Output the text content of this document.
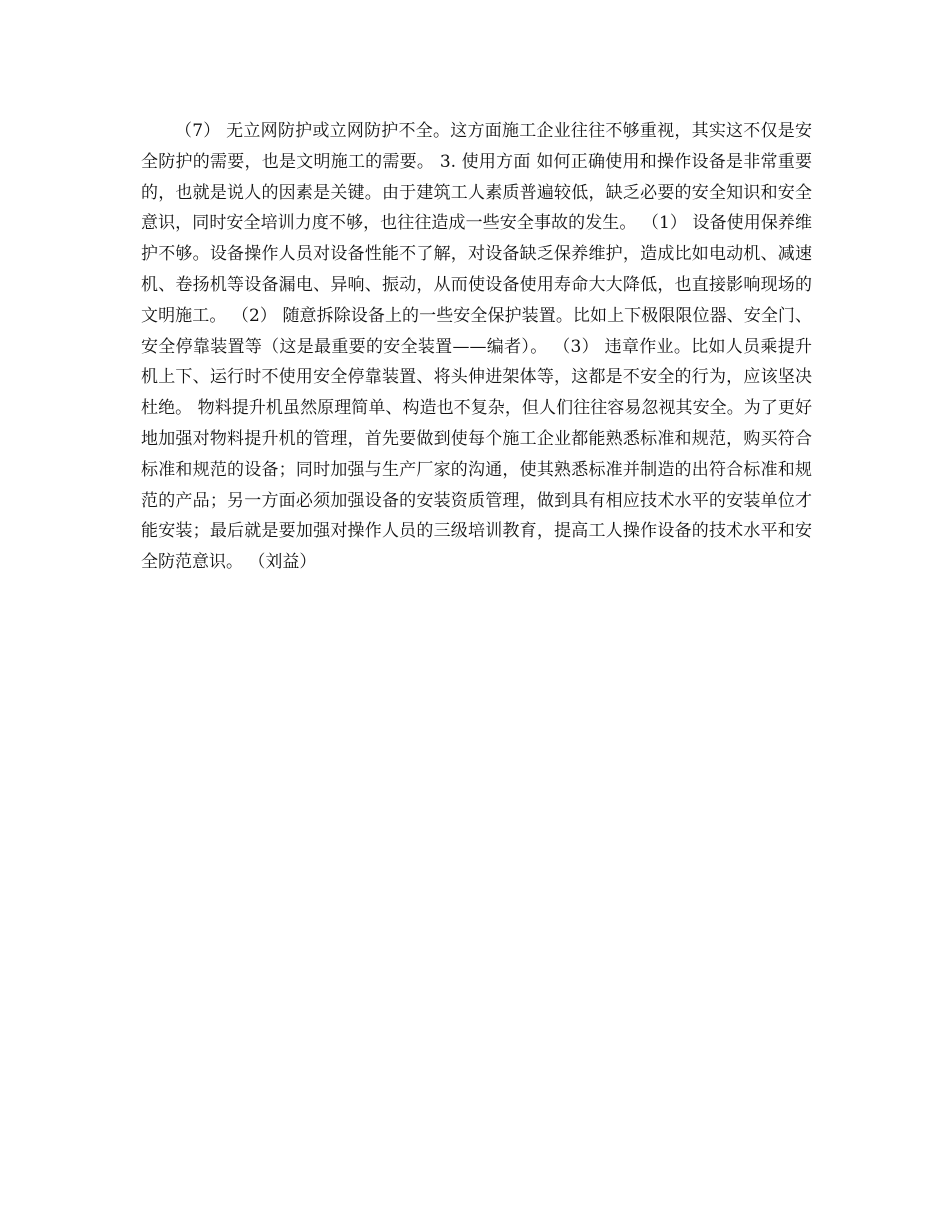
（7） 无立网防护或立网防护不全。这方面施工企业往往不够重视，其实这不仅是安全防护的需要，也是文明施工的需要。 3. 使用方面 如何正确使用和操作设备是非常重要的，也就是说人的因素是关键。由于建筑工人素质普遍较低，缺乏必要的安全知识和安全意识，同时安全培训力度不够，也往往造成一些安全事故的发生。 （1） 设备使用保养维护不够。设备操作人员对设备性能不了解，对设备缺乏保养维护，造成比如电动机、减速机、卷扬机等设备漏电、异响、振动，从而使设备使用寿命大大降低，也直接影响现场的文明施工。 （2） 随意拆除设备上的一些安全保护装置。比如上下极限限位器、安全门、安全停靠装置等（这是最重要的安全装置——编者）。 （3） 违章作业。比如人员乘提升机上下、运行时不使用安全停靠装置、将头伸进架体等，这都是不安全的行为，应该坚决杜绝。 物料提升机虽然原理简单、构造也不复杂，但人们往往容易忽视其安全。为了更好地加强对物料提升机的管理，首先要做到使每个施工企业都能熟悉标准和规范，购买符合标准和规范的设备；同时加强与生产厂家的沟通，使其熟悉标准并制造的出符合标准和规范的产品；另一方面必须加强设备的安装资质管理，做到具有相应技术水平的安装单位才能安装；最后就是要加强对操作人员的三级培训教育，提高工人操作设备的技术水平和安全防范意识。 （刘益）
